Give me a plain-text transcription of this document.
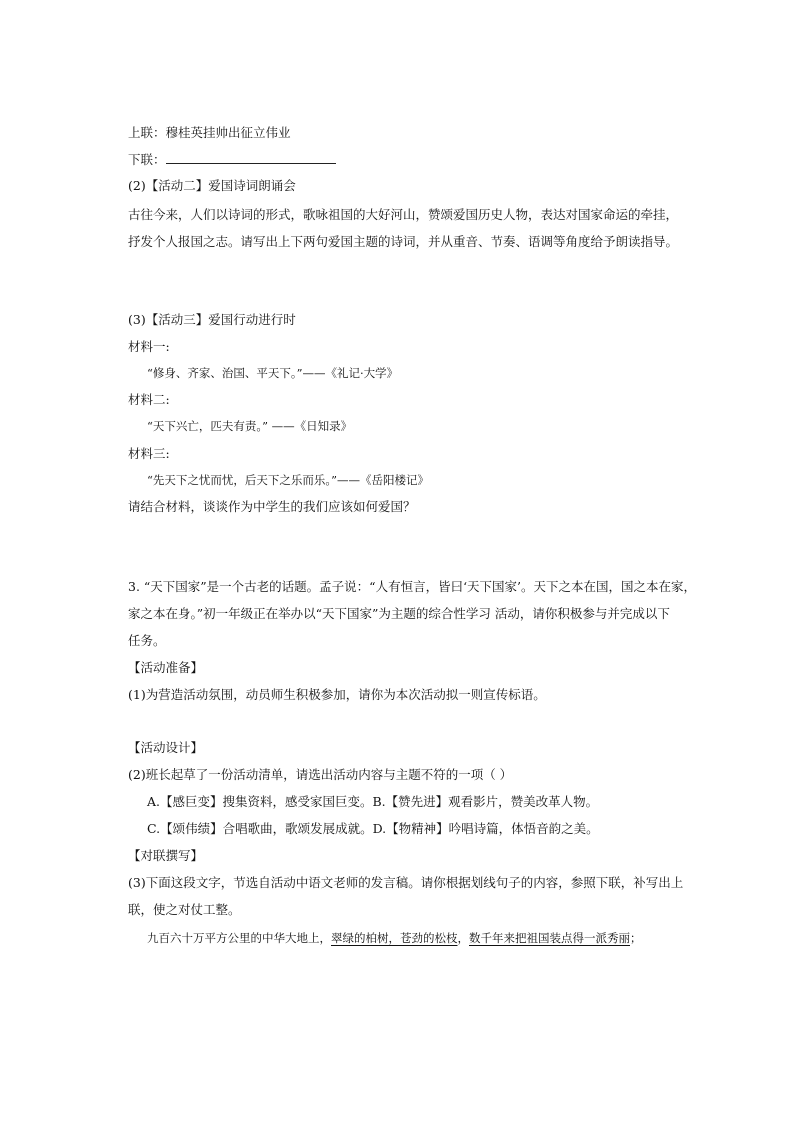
上联：穆桂英挂帅出征立伟业
下联：
(2)【活动二】爱国诗词朗诵会
古往今来，人们以诗词的形式，歌咏祖国的大好河山，赞颂爱国历史人物，表达对国家命运的牵挂，
抒发个人报国之志。请写出上下两句爱国主题的诗词，并从重音、节奏、语调等角度给予朗读指导。
(3)【活动三】爱国行动进行时
材料一:
“修身、齐家、治国、平天下。”——《礼记·大学》
材料二:
“天下兴亡，匹夫有责。” ——《日知录》
材料三:
“先天下之忧而忧，后天下之乐而乐。”——《岳阳楼记》
请结合材料，谈谈作为中学生的我们应该如何爱国？
3. “天下国家”是一个古老的话题。孟子说：“人有恒言，皆曰‘天下国家’。天下之本在国，国之本在家，
家之本在身。”初一年级正在举办以“天下国家”为主题的综合性学习 活动，请你积极参与并完成以下
任务。
【活动准备】
(1)为营造活动氛围，动员师生积极参加，请你为本次活动拟一则宣传标语。
【活动设计】
(2)班长起草了一份活动清单，请选出活动内容与主题不符的一项（ ）
A.【感巨变】搜集资料，感受家国巨变。B.【赞先进】观看影片，赞美改革人物。
C.【颂伟绩】合唱歌曲，歌颂发展成就。D.【物精神】吟唱诗篇，体悟音韵之美。
【对联撰写】
(3)下面这段文字，节选自活动中语文老师的发言稿。请你根据划线句子的内容，参照下联，补写出上
联，使之对仗工整。
九百六十万平方公里的中华大地上，翠绿的柏树，苍劲的松枝，数千年来把祖国装点得一派秀丽；
